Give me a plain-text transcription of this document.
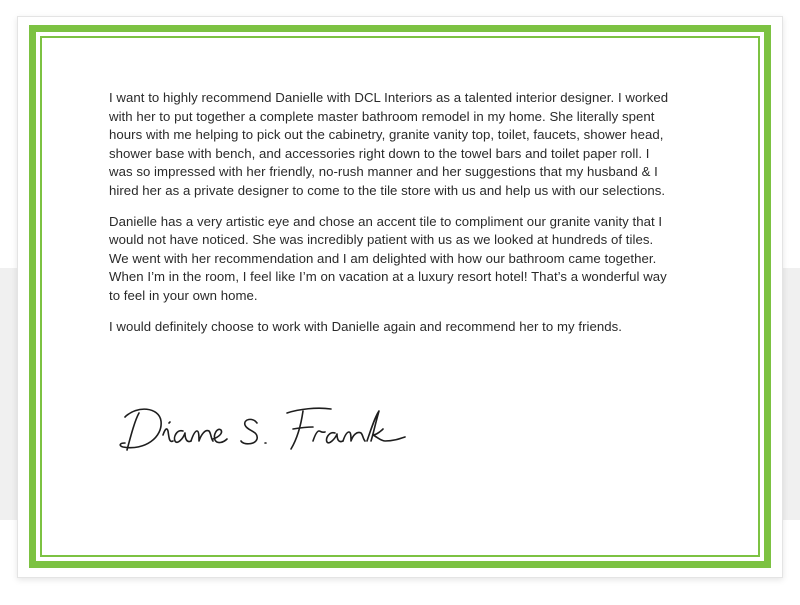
I want to highly recommend Danielle with DCL Interiors as a talented interior designer. I worked with her to put together a complete master bathroom remodel in my home. She literally spent hours with me helping to pick out the cabinetry, granite vanity top, toilet, faucets, shower head, shower base with bench, and accessories right down to the towel bars and toilet paper roll. I was so impressed with her friendly, no-rush manner and her suggestions that my husband & I hired her as a private designer to come to the tile store with us and help us with our selections.

Danielle has a very artistic eye and chose an accent tile to compliment our granite vanity that I would not have noticed. She was incredibly patient with us as we looked at hundreds of tiles. We went with her recommendation and I am delighted with how our bathroom came together. When I’m in the room, I feel like I’m on vacation at a luxury resort hotel! That’s a wonderful way to feel in your own home.

I would definitely choose to work with Danielle again and recommend her to my friends.
